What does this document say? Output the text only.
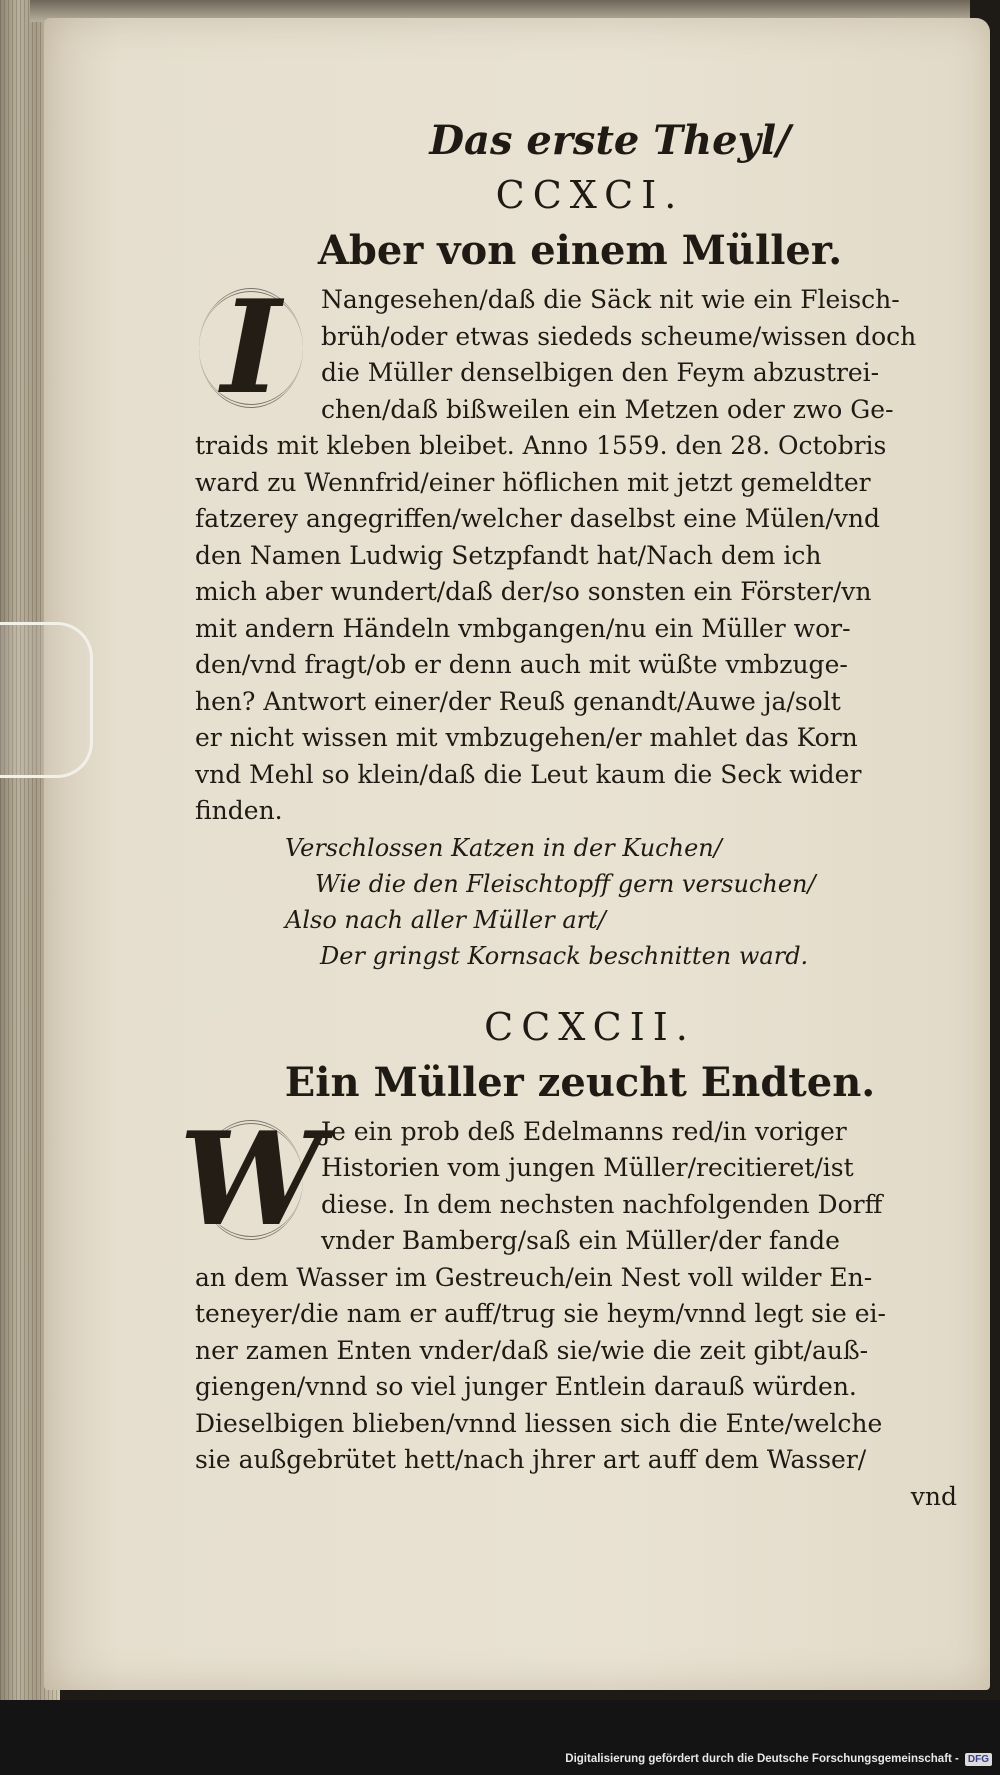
Das erste Theyl/
CCXCI.
Aber von einem Müller.
I	Nangesehen/daß die Säck nit wie ein Fleisch-
brüh/oder etwas siededs scheume/wissen doch
die Müller denselbigen den Feym abzustrei-
chen/daß bißweilen ein Metzen oder zwo Ge-
traids mit kleben bleibet. Anno 1559. den 28. Octobris
ward zu Wennfrid/einer höflichen mit jetzt gemeldter
fatzerey angegriffen/welcher daselbst eine Mülen/vnd
den Namen Ludwig Setzpfandt hat/Nach dem ich
mich aber wundert/daß der/so sonsten ein Förster/vn
mit andern Händeln vmbgangen/nu ein Müller wor-
den/vnd fragt/ob er denn auch mit wüßte vmbzuge-
hen? Antwort einer/der Reuß genandt/Auwe ja/solt
er nicht wissen mit vmbzugehen/er mahlet das Korn
vnd Mehl so klein/daß die Leut kaum die Seck wider
finden.
Verschlossen Katzen in der Kuchen/
Wie die den Fleischtopff gern versuchen/
Also nach aller Müller art/
Der gringst Kornsack beschnitten ward.
CCXCII.
Ein Müller zeucht Endten.
W
Je ein prob deß Edelmanns red/in voriger
Historien vom jungen Müller/recitieret/ist
diese. In dem nechsten nachfolgenden Dorff
vnder Bamberg/saß ein Müller/der fande
an dem Wasser im Gestreuch/ein Nest voll wilder En-
teneyer/die nam er auff/trug sie heym/vnnd legt sie ei-
ner zamen Enten vnder/daß sie/wie die zeit gibt/auß-
giengen/vnnd so viel junger Entlein darauß würden.
Dieselbigen blieben/vnnd liessen sich die Ente/welche
sie außgebrütet hett/nach jhrer art auff dem Wasser/
vnd
Digitalisierung gefördert durch die Deutsche Forschungsgemeinschaft - DFG
